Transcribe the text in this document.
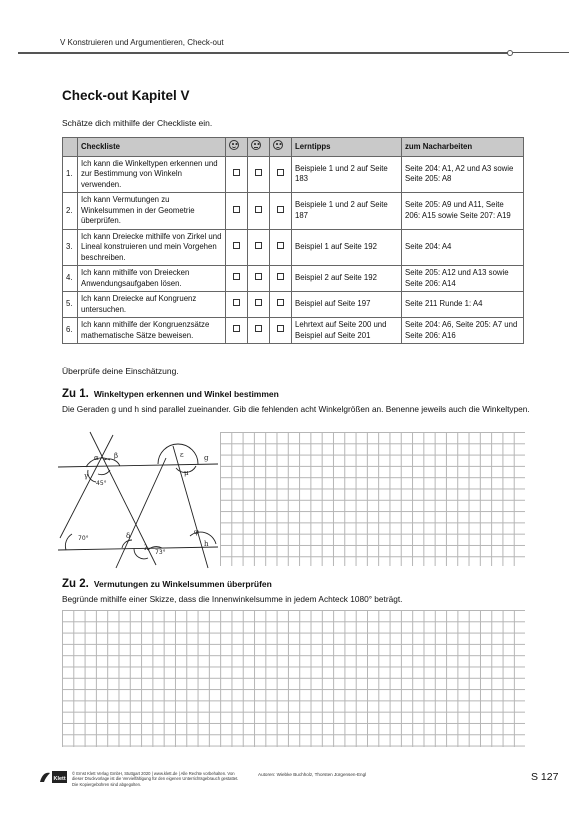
V Konstruieren und Argumentieren, Check-out
Check-out Kapitel V
Schätze dich mithilfe der Checkliste ein.
	Checkliste				Lerntipps	zum Nacharbeiten
1.	Ich kann die Winkeltypen erkennen und zur Bestimmung von Winkeln verwenden.				Beispiele 1 und 2 auf Seite 183	Seite 204: A1, A2 und A3 sowie Seite 205: A8
2.	Ich kann Vermutungen zu Winkelsummen in der Geometrie überprüfen.				Beispiele 1 und 2 auf Seite 187	Seite 205: A9 und A11, Seite 206: A15 sowie Seite 207: A19
3.	Ich kann Dreiecke mithilfe von Zirkel und Lineal konstruieren und mein Vorgehen beschreiben.				Beispiel 1 auf Seite 192	Seite 204: A4
4.	Ich kann mithilfe von Dreiecken Anwendungsaufgaben lösen.				Beispiel 2 auf Seite 192	Seite 205: A12 und A13 sowie Seite 206: A14
5.	Ich kann Dreiecke auf Kongruenz untersuchen.				Beispiel auf Seite 197	Seite 211 Runde 1: A4
6.	Ich kann mithilfe der Kongruenzsätze mathematische Sätze beweisen.				Lehrtext auf Seite 200 und Beispiel auf Seite 201	Seite 204: A6, Seite 205: A7 und Seite 206: A16
Überprüfe deine Einschätzung.
Zu 1. Winkeltypen erkennen und Winkel bestimmen
Die Geraden g und h sind parallel zueinander. Gib die fehlenden acht Winkelgrößen an. Benenne jeweils auch die Winkeltypen.
α β
γ
45°
ε
μ
g
70°	δ
λ
73°
φ
h
Zu 2. Vermutungen zu Winkelsummen überprüfen
Begründe mithilfe einer Skizze, dass die Innenwinkelsumme in jedem Achteck 1080° beträgt.
Klett
© Ernst Klett Verlag GmbH, Stuttgart 2020 | www.klett.de | Alle Rechte vorbehalten. Von dieser Druckvorlage ist die Vervielfältigung für den eigenen Unterrichtsgebrauch gestattet. Die Kopiergebühren sind abgegolten.
Autoren: Wiebke Buchholz, Thorsten Jürgensen-Engl	S 127
